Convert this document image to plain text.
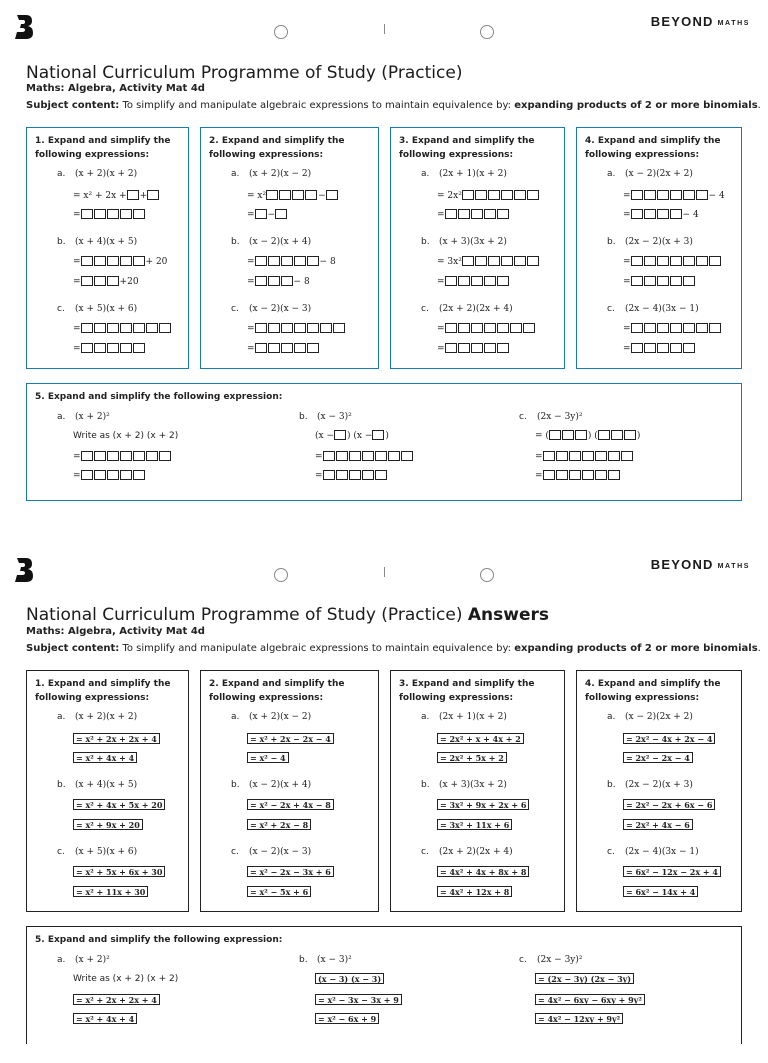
BEYOND MATHS
National Curriculum Programme of Study (Practice)
Maths: Algebra, Activity Mat 4d
Subject content: To simplify and manipulate algebraic expressions to maintain equivalence by: expanding products of 2 or more binomials.
1. Expand and simplify the following expressions:
a. (x + 2)(x + 2)
= x² + 2x + +
=
b. (x + 4)(x + 5)
=	+ 20
=	+20
c. (x + 5)(x + 6)
=
=
2. Expand and simplify the following expressions:
a. (x + 2)(x − 2)
= x²	−
= −
b. (x − 2)(x + 4)
=	− 8
=	− 8
c. (x − 2)(x − 3)
=
=
3. Expand and simplify the following expressions:
a. (2x + 1)(x + 2)
= 2x²
=
b. (x + 3)(3x + 2)
= 3x²
=
c. (2x + 2)(2x + 4)
=
=
4. Expand and simplify the following expressions:
a. (x − 2)(2x + 2)
=	− 4
=	− 4
b. (2x − 2)(x + 3)
=
=
c. (2x − 4)(3x − 1)
=
=
5. Expand and simplify the following expression:
a. (x + 2)²
Write as (x + 2) (x + 2)
=
=
b. (x − 3)²
(x − ) (x − )
=
=
c. (2x − 3y)²
= (	) (	)
=
=
BEYOND MATHS
National Curriculum Programme of Study (Practice) Answers
Maths: Algebra, Activity Mat 4d
Subject content: To simplify and manipulate algebraic expressions to maintain equivalence by: expanding products of 2 or more binomials.
1. Expand and simplify the following expressions:
a. (x + 2)(x + 2)
= x² + 2x + 2x + 4
= x² + 4x + 4
b. (x + 4)(x + 5)
= x² + 4x + 5x + 20
= x² + 9x + 20
c. (x + 5)(x + 6)
= x² + 5x + 6x + 30
= x² + 11x + 30
2. Expand and simplify the following expressions:
a. (x + 2)(x − 2)
= x² + 2x − 2x − 4
= x² − 4
b. (x − 2)(x + 4)
= x² − 2x + 4x − 8
= x² + 2x − 8
c. (x − 2)(x − 3)
= x² − 2x − 3x + 6
= x² − 5x + 6
3. Expand and simplify the following expressions:
a. (2x + 1)(x + 2)
= 2x² + x + 4x + 2
= 2x² + 5x + 2
b. (x + 3)(3x + 2)
= 3x² + 9x + 2x + 6
= 3x² + 11x + 6
c. (2x + 2)(2x + 4)
= 4x² + 4x + 8x + 8
= 4x² + 12x + 8
4. Expand and simplify the following expressions:
a. (x − 2)(2x + 2)
= 2x² − 4x + 2x − 4
= 2x² − 2x − 4
b. (2x − 2)(x + 3)
= 2x² − 2x + 6x − 6
= 2x² + 4x − 6
c. (2x − 4)(3x − 1)
= 6x² − 12x − 2x + 4
= 6x² − 14x + 4
5. Expand and simplify the following expression:
a. (x + 2)²
Write as (x + 2) (x + 2)
= x² + 2x + 2x + 4
= x² + 4x + 4
b. (x − 3)²
(x − 3) (x − 3)
= x² − 3x − 3x + 9
= x² − 6x + 9
c. (2x − 3y)²
= (2x − 3y) (2x − 3y)
= 4x² − 6xy − 6xy + 9y²
= 4x² − 12xy + 9y²
